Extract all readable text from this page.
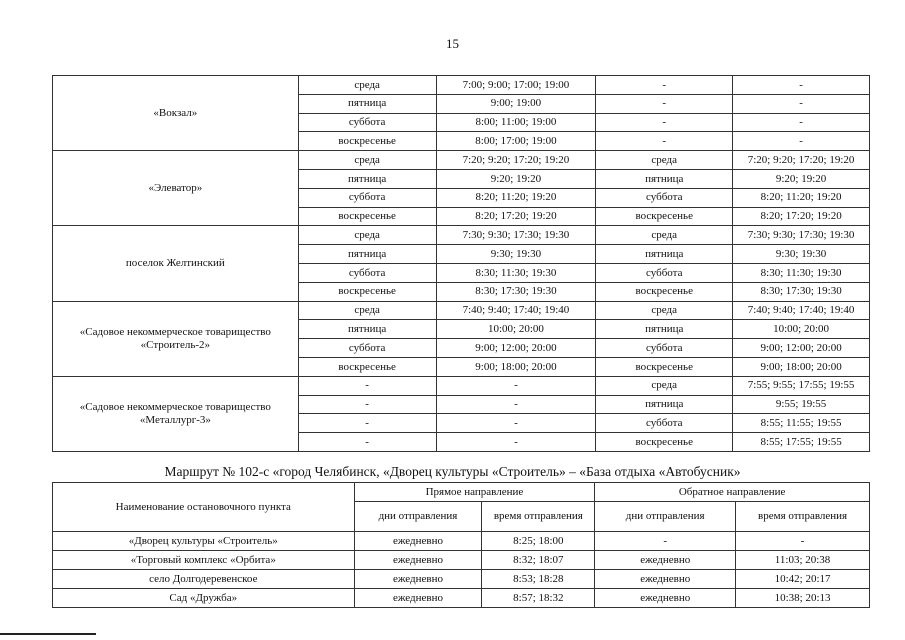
15
«Вокзал»	среда	7:00; 9:00; 17:00; 19:00	-	-
	пятница	9:00; 19:00	-	-
	суббота	8:00; 11:00; 19:00	-	-
	воскресенье	8:00; 17:00; 19:00	-	-
«Элеватор»	среда	7:20; 9:20; 17:20; 19:20	среда	7:20; 9:20; 17:20; 19:20
	пятница	9:20; 19:20	пятница	9:20; 19:20
	суббота	8:20; 11:20; 19:20	суббота	8:20; 11:20; 19:20
	воскресенье	8:20; 17:20; 19:20	воскресенье	8:20; 17:20; 19:20
поселок Желтинский	среда	7:30; 9:30; 17:30; 19:30	среда	7:30; 9:30; 17:30; 19:30
	пятница	9:30; 19:30	пятница	9:30; 19:30
	суббота	8:30; 11:30; 19:30	суббота	8:30; 11:30; 19:30
	воскресенье	8:30; 17:30; 19:30	воскресенье	8:30; 17:30; 19:30
«Садовое некоммерческое товарищество «Строитель-2»	среда	7:40; 9:40; 17:40; 19:40	среда	7:40; 9:40; 17:40; 19:40
	пятница	10:00; 20:00	пятница	10:00; 20:00
	суббота	9:00; 12:00; 20:00	суббота	9:00; 12:00; 20:00
	воскресенье	9:00; 18:00; 20:00	воскресенье	9:00; 18:00; 20:00
«Садовое некоммерческое товарищество «Металлург-3»	-	-	среда	7:55; 9:55; 17:55; 19:55
	-	-	пятница	9:55; 19:55
	-	-	суббота	8:55; 11:55; 19:55
	-	-	воскресенье	8:55; 17:55; 19:55
Маршрут № 102-с «город Челябинск, «Дворец культуры «Строитель» – «База отдыха «Автобусник»
Наименование остановочного пункта	Прямое направление		Обратное направление	
	дни отправления	время отправления	дни отправления	время отправления
«Дворец культуры «Строитель»	ежедневно	8:25; 18:00	-	-
«Торговый комплекс «Орбита»	ежедневно	8:32; 18:07	ежедневно	11:03; 20:38
село Долгодеревенское	ежедневно	8:53; 18:28	ежедневно	10:42; 20:17
Сад «Дружба»	ежедневно	8:57; 18:32	ежедневно	10:38; 20:13
